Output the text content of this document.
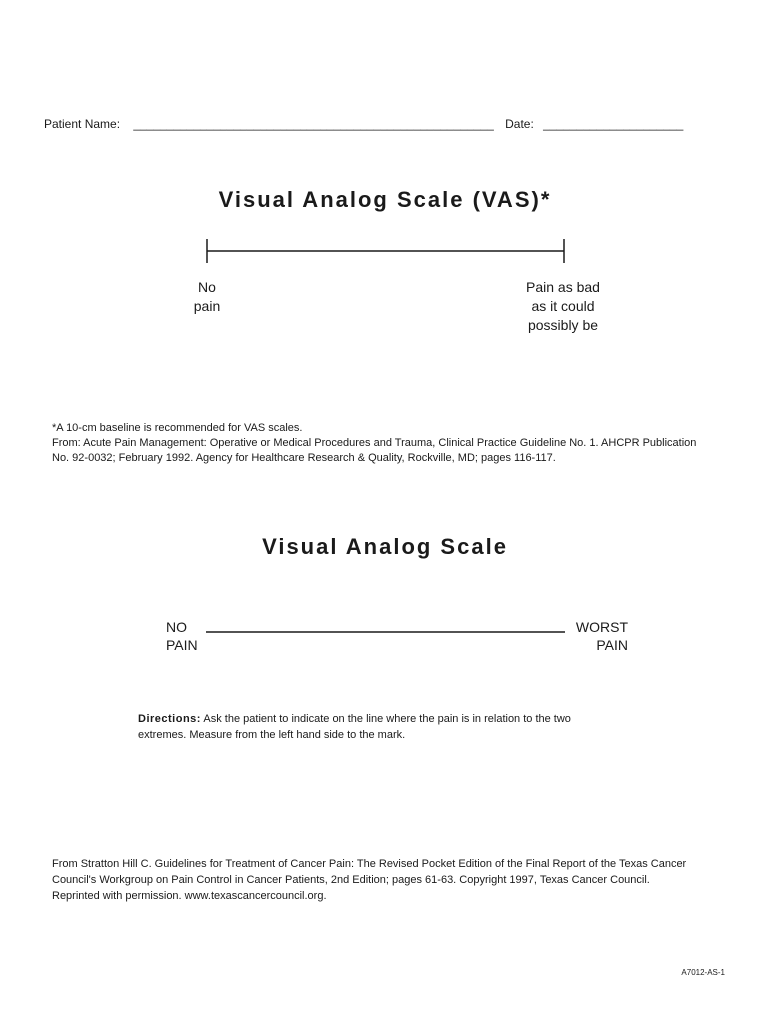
Patient Name: ______________________________________________________ Date: _____________________
Visual Analog Scale (VAS)*
No
pain
Pain as bad
as it could
possibly be
*A 10-cm baseline is recommended for VAS scales.
From: Acute Pain Management: Operative or Medical Procedures and Trauma, Clinical Practice Guideline No. 1. AHCPR Publication
No. 92-0032; February 1992. Agency for Healthcare Research & Quality, Rockville, MD; pages 116-117.
Visual Analog Scale
NO
PAIN
WORST
PAIN
Directions: Ask the patient to indicate on the line where the pain is in relation to the two
extremes. Measure from the left hand side to the mark.
From Stratton Hill C. Guidelines for Treatment of Cancer Pain: The Revised Pocket Edition of the Final Report of the Texas Cancer
Council's Workgroup on Pain Control in Cancer Patients, 2nd Edition; pages 61-63. Copyright 1997, Texas Cancer Council.
Reprinted with permission. www.texascancercouncil.org.
A7012-AS-1
